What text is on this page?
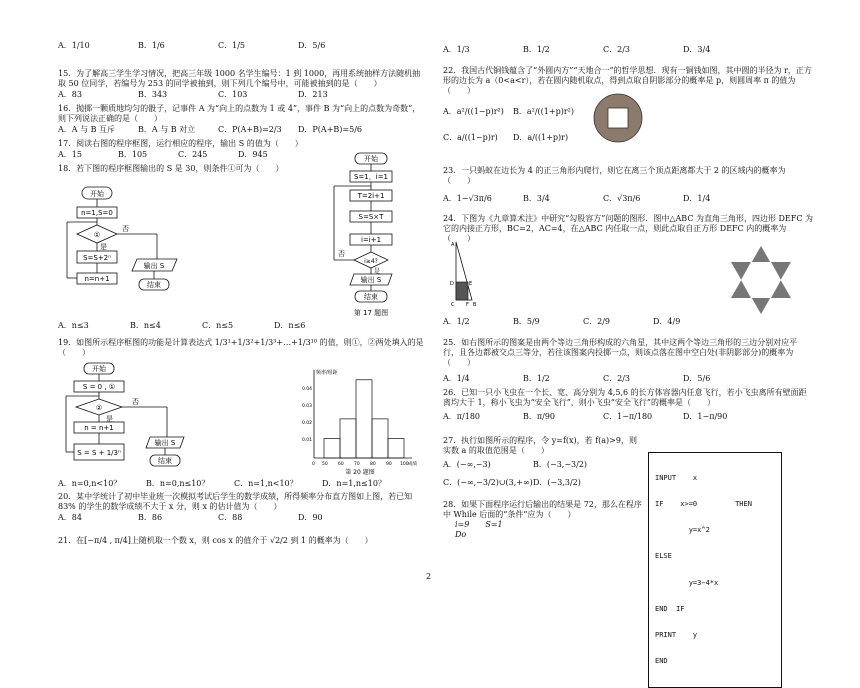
A．1/10	B．1/6	C．1/5	D．5/6
15．为了解高三学生学习情况，把高三年级 1000 名学生编号：1 到 1000，再用系统抽样方法随机抽取 50 位同学，若编号为 253 的同学被抽到，则下列几个编号中，可能被抽到的是（　　）
A．83	B．343	C．103	D．213
16．抛掷一颗质地均匀的骰子，记事件 A 为“向上的点数为 1 或 4”，事件 B 为“向上的点数为奇数”，则下列说法正确的是（　　）
A．A 与 B 互斥	B．A 与 B 对立	C．P(A+B)=2/3	D．P(A+B)=5/6
17．阅读右图的程序框图，运行相应的程序，输出 S 的值为（　　）
A．15	B．105	C．245	D．945
18．若下图的程序框图输出的 S 是 30，则条件①可为（　　）
开始
n=1,S=0
①
否
是
S=S+2ⁿ
n=n+1
输出 S
结束
开始
S=1，i=1
T=2i+1
S=S×T
i=i+1
i≥4?
否
是
输出 S
结束
第 17 题图
A．n≤3	B．n≤4	C．n≤5	D．n≤6
19．如图所示程序框图的功能是计算表达式 1/3¹+1/3²+1/3³+…+1/3¹⁰ 的值，则①，②两处填入的是（　　）
开始
S = 0 , ①
②
否
是
n = n+1
S = S + 1/3ⁿ
输出 S
结束
频率/组距
0.04
0.03
0.02
0.01
0 50 60 70 80 90 100 成绩
第 20 题图
A．n=0,n<10？	B．n=0,n≤10？	C．n=1,n<10？	D．n=1,n≤10？
20．某中学统计了初中毕业班一次模拟考试后学生的数学成绩，所得频率分布直方图如上图，若已知 83% 的学生的数学成绩不大于 x 分，则 x 的估计值为（　　）
A．84	B．86	C．88	D．90
21．在[−π/4 , π/4]上随机取一个数 x，则 cos x 的值介于 √2/2 到 1 的概率为（　　）
A．1/3	B．1/2	C．2/3	D．3/4
22．我国古代铜钱蕴含了“外圆内方”“天地合一”的哲学思想．现有一铜钱如图，其中圆的半径为 r，正方形的边长为 a（0<a<r），若在圆内随机取点，得到点取自阴影部分的概率是 p，则圆周率 π 的值为（　　）
A．a²/((1−p)r²)	B．a²/((1+p)r²)
C．a/((1−p)r)	D．a/((1+p)r)
23．一只蚂蚁在边长为 4 的正三角形内爬行，则它在离三个顶点距离都大于 2 的区域内的概率为（　　）
A．1−√3π/6	B．3/4	C．√3π/6	D．1/4
24．下图为《九章算术注》中研究“勾股容方”问题的图形．图中△ABC 为直角三角形，四边形 DEFC 为它的内接正方形，BC=2，AC=4，在△ABC 内任取一点，则此点取自正方形 DEFC 内的概率为（　　）
A
D	E
C F B
A．1/2	B．5/9	C．2/9	D．4/9
25．如右图所示的图案是由两个等边三角形构成的六角星，其中这两个等边三角形的三边分别对应平行，且各边都被交点三等分，若往该图案内投掷一点，则该点落在图中空白处(非阴影部分)的概率为（　　）
A．1/4	B．1/2	C．2/3	D．5/6
26．已知一只小飞虫在一个长、宽、高分别为 4,5,6 的长方体容器内任意飞行，若小飞虫离所有壁面距离均大于 1，称小飞虫为“安全飞行”，则小飞虫“安全飞行”的概率是（　　）
A．π/180	B．π/90	C．1−π/180	D．1−π/90
27．执行如图所示的程序，令 y=f(x)，若 f(a)>9，则实数 a 的取值范围是（　　）
A．(−∞,−3)	B．(−3,−3/2)
C．(−∞,−3/2)∪(3,+∞) D．(−3,3/2)

INPUT    x

IF    x>=0         THEN

y=x^2

ELSE

y=3−4*x

END  IF

PRINT    y

END

28．如果下面程序运行后输出的结果是 72，那么在程序中 While 后面的“条件”应为（　　）
i=9　　S=1
Do
2
